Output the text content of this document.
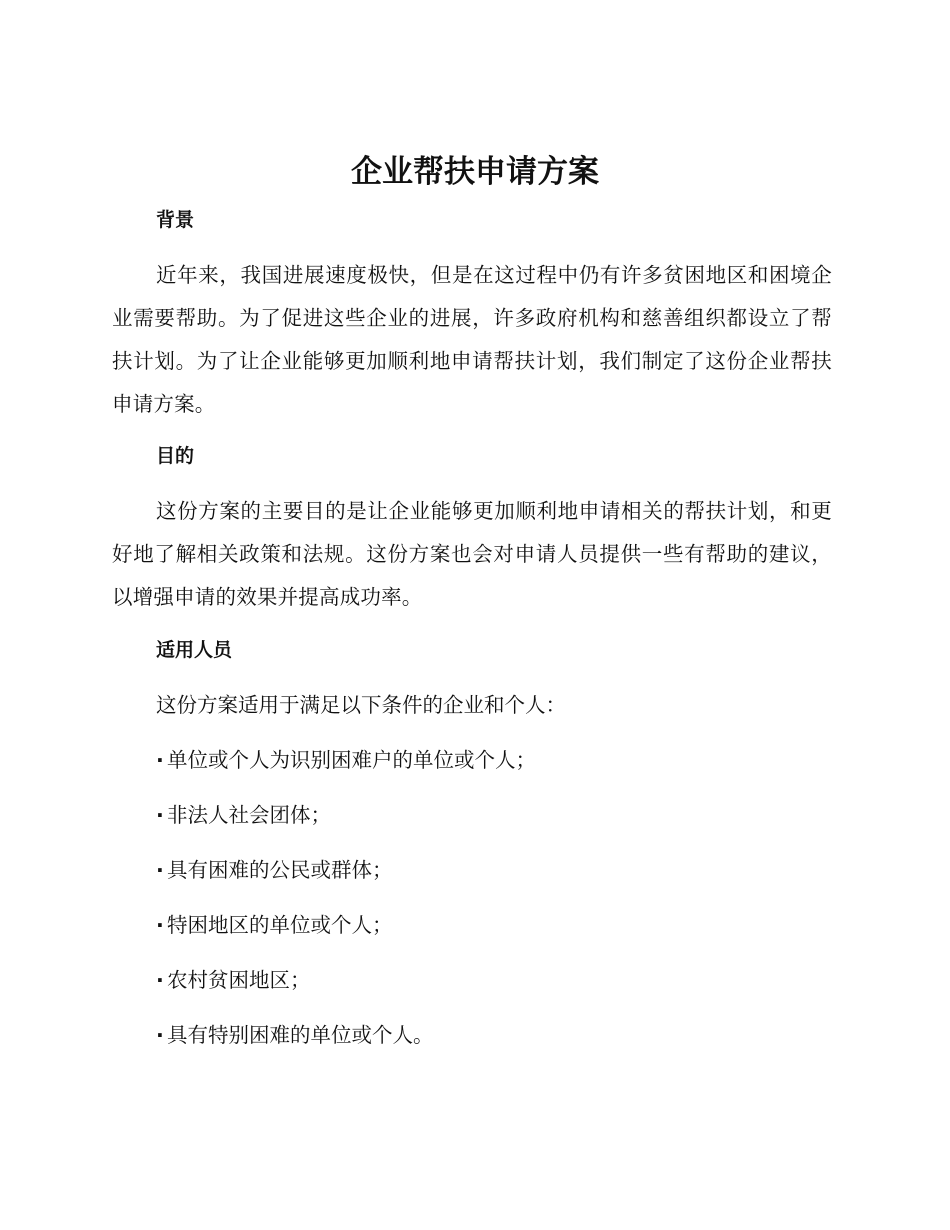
企业帮扶申请方案
背景

近年来，我国进展速度极快，但是在这过程中仍有许多贫困地区和困境企业需要帮助。为了促进这些企业的进展，许多政府机构和慈善组织都设立了帮扶计划。为了让企业能够更加顺利地申请帮扶计划，我们制定了这份企业帮扶申请方案。

目的

这份方案的主要目的是让企业能够更加顺利地申请相关的帮扶计划，和更好地了解相关政策和法规。这份方案也会对申请人员提供一些有帮助的建议，以增强申请的效果并提高成功率。

适用人员

这份方案适用于满足以下条件的企业和个人：

· 单位或个人为识别困难户的单位或个人；

· 非法人社会团体；

· 具有困难的公民或群体；

· 特困地区的单位或个人；

· 农村贫困地区；

· 具有特别困难的单位或个人。
